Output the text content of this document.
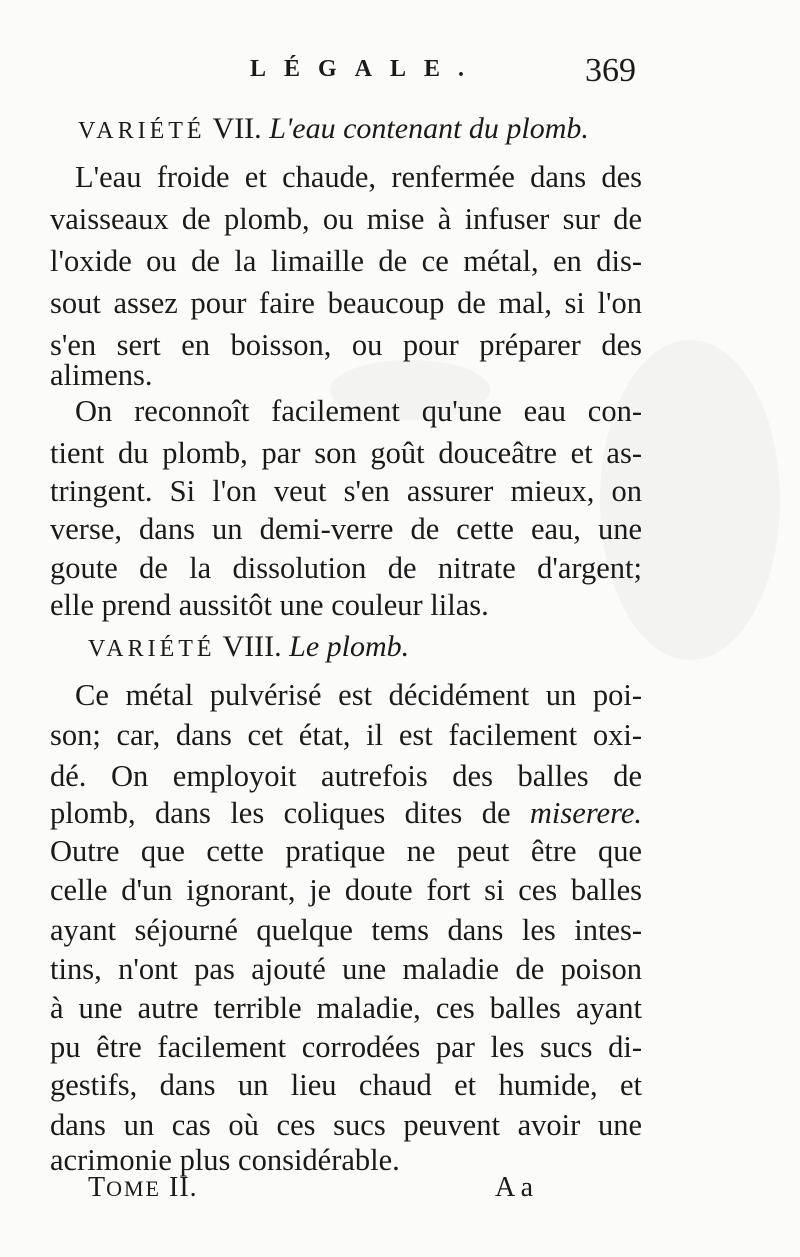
LÉGALE.	369
VARIÉTÉ VII. L'eau contenant du plomb.
L'eau froide et chaude, renfermée dans des
vaisseaux de plomb, ou mise à infuser sur de
l'oxide ou de la limaille de ce métal, en dis-
sout assez pour faire beaucoup de mal, si l'on
s'en sert en boisson, ou pour préparer des
alimens.
On reconnoît facilement qu'une eau con-
tient du plomb, par son goût douceâtre et as-
tringent. Si l'on veut s'en assurer mieux, on
verse, dans un demi-verre de cette eau, une
goute de la dissolution de nitrate d'argent;
elle prend aussitôt une couleur lilas.
VARIÉTÉ VIII. Le plomb.
Ce métal pulvérisé est décidément un poi-
son; car, dans cet état, il est facilement oxi-
dé. On employoit autrefois des balles de
plomb, dans les coliques dites de miserere.
Outre que cette pratique ne peut être que
celle d'un ignorant, je doute fort si ces balles
ayant séjourné quelque tems dans les intes-
tins, n'ont pas ajouté une maladie de poison
à une autre terrible maladie, ces balles ayant
pu être facilement corrodées par les sucs di-
gestifs, dans un lieu chaud et humide, et
dans un cas où ces sucs peuvent avoir une
acrimonie plus considérable.
TOME II.	A a
